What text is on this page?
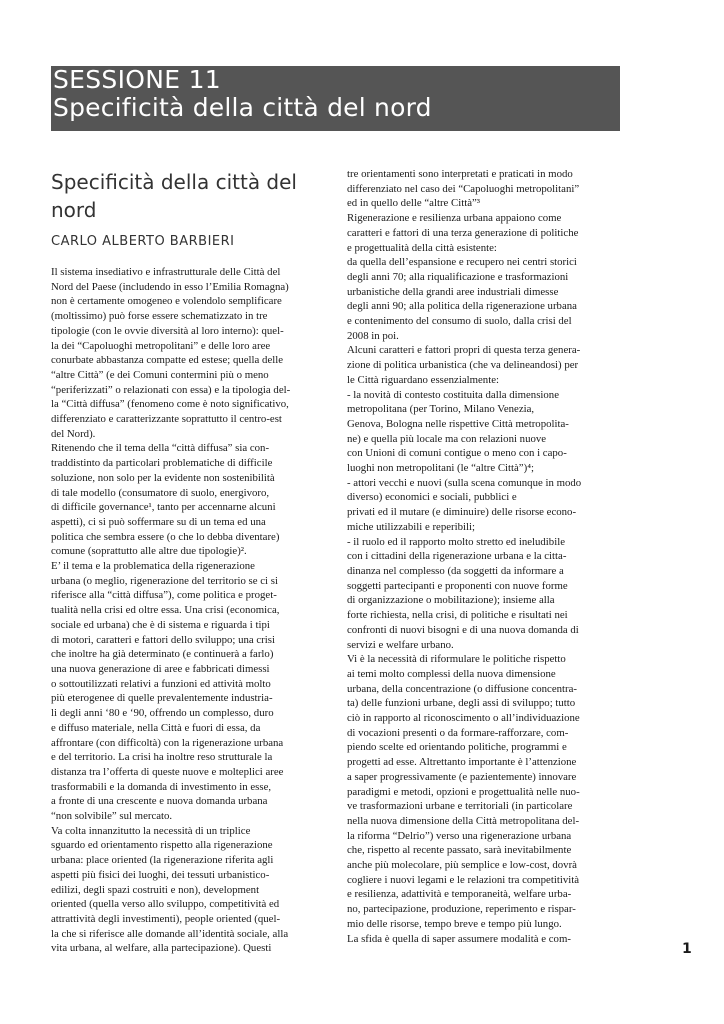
SESSIONE 11
Specificità della città del nord
Specificità della città del
nord
CARLO ALBERTO BARBIERI
Il sistema insediativo e infrastrutturale delle Città del
Nord del Paese (includendo in esso l’Emilia Romagna)
non è certamente omogeneo e volendolo semplificare
(moltissimo) può forse essere schematizzato in tre
tipologie (con le ovvie diversità al loro interno): quel-
la dei “Capoluoghi metropolitani” e delle loro aree
conurbate abbastanza compatte ed estese; quella delle
“altre Città” (e dei Comuni contermini più o meno
“periferizzati” o relazionati con essa) e la tipologia del-
la “Città diffusa” (fenomeno come è noto significativo,
differenziato e caratterizzante soprattutto il centro-est
del Nord).
Ritenendo che il tema della “città diffusa” sia con-
traddistinto da particolari problematiche di difficile
soluzione, non solo per la evidente non sostenibilità
di tale modello (consumatore di suolo, energivoro,
di difficile governance¹, tanto per accennarne alcuni
aspetti), ci si può soffermare su di un tema ed una
politica che sembra essere (o che lo debba diventare)
comune (soprattutto alle altre due tipologie)².
E’ il tema e la problematica della rigenerazione
urbana (o meglio, rigenerazione del territorio se ci si
riferisce alla “città diffusa”), come politica e proget-
tualità nella crisi ed oltre essa. Una crisi (economica,
sociale ed urbana) che è di sistema e riguarda i tipi
di motori, caratteri e fattori dello sviluppo; una crisi
che inoltre ha già determinato (e continuerà a farlo)
una nuova generazione di aree e fabbricati dimessi
o sottoutilizzati relativi a funzioni ed attività molto
più eterogenee di quelle prevalentemente industria-
li degli anni ‘80 e ‘90, offrendo un complesso, duro
e diffuso materiale, nella Città e fuori di essa, da
affrontare (con difficoltà) con la rigenerazione urbana
e del territorio. La crisi ha inoltre reso strutturale la
distanza tra l’offerta di queste nuove e molteplici aree
trasformabili e la domanda di investimento in esse,
a fronte di una crescente e nuova domanda urbana
“non solvibile” sul mercato.
Va colta innanzitutto la necessità di un triplice
sguardo ed orientamento rispetto alla rigenerazione
urbana: place oriented (la rigenerazione riferita agli
aspetti più fisici dei luoghi, dei tessuti urbanistico-
edilizi, degli spazi costruiti e non), development
oriented (quella verso allo sviluppo, competitività ed
attrattività degli investimenti), people oriented (quel-
la che si riferisce alle domande all’identità sociale, alla
vita urbana, al welfare, alla partecipazione). Questi
tre orientamenti sono interpretati e praticati in modo
differenziato nel caso dei “Capoluoghi metropolitani”
ed in quello delle “altre Città”³
Rigenerazione e resilienza urbana appaiono come
caratteri e fattori di una terza generazione di politiche
e progettualità della città esistente:
da quella dell’espansione e recupero nei centri storici
degli anni 70; alla riqualificazione e trasformazioni
urbanistiche della grandi aree industriali dimesse
degli anni 90; alla politica della rigenerazione urbana
e contenimento del consumo di suolo, dalla crisi del
2008 in poi.
Alcuni caratteri e fattori propri di questa terza genera-
zione di politica urbanistica (che va delineandosi) per
le Città riguardano essenzialmente:
- la novità di contesto costituita dalla dimensione
metropolitana (per Torino, Milano Venezia,
Genova, Bologna nelle rispettive Città metropolita-
ne) e quella più locale ma con relazioni nuove
con Unioni di comuni contigue o meno con i capo-
luoghi non metropolitani (le “altre Città”)⁴;
- attori vecchi e nuovi (sulla scena comunque in modo
diverso) economici e sociali, pubblici e
privati ed il mutare (e diminuire) delle risorse econo-
miche utilizzabili e reperibili;
- il ruolo ed il rapporto molto stretto ed ineludibile
con i cittadini della rigenerazione urbana e la citta-
dinanza nel complesso (da soggetti da informare a
soggetti partecipanti e proponenti con nuove forme
di organizzazione o mobilitazione); insieme alla
forte richiesta, nella crisi, di politiche e risultati nei
confronti di nuovi bisogni e di una nuova domanda di
servizi e welfare urbano.
Vi è la necessità di riformulare le politiche rispetto
ai temi molto complessi della nuova dimensione
urbana, della concentrazione (o diffusione concentra-
ta) delle funzioni urbane, degli assi di sviluppo; tutto
ciò in rapporto al riconoscimento o all’individuazione
di vocazioni presenti o da formare-rafforzare, com-
piendo scelte ed orientando politiche, programmi e
progetti ad esse. Altrettanto importante è l’attenzione
a saper progressivamente (e pazientemente) innovare
paradigmi e metodi, opzioni e progettualità nelle nuo-
ve trasformazioni urbane e territoriali (in particolare
nella nuova dimensione della Città metropolitana del-
la riforma “Delrio”) verso una rigenerazione urbana
che, rispetto al recente passato, sarà inevitabilmente
anche più molecolare, più semplice e low-cost, dovrà
cogliere i nuovi legami e le relazioni tra competitività
e resilienza, adattività e temporaneità, welfare urba-
no, partecipazione, produzione, reperimento e rispar-
mio delle risorse, tempo breve e tempo più lungo.
La sfida è quella di saper assumere modalità e com-
1
